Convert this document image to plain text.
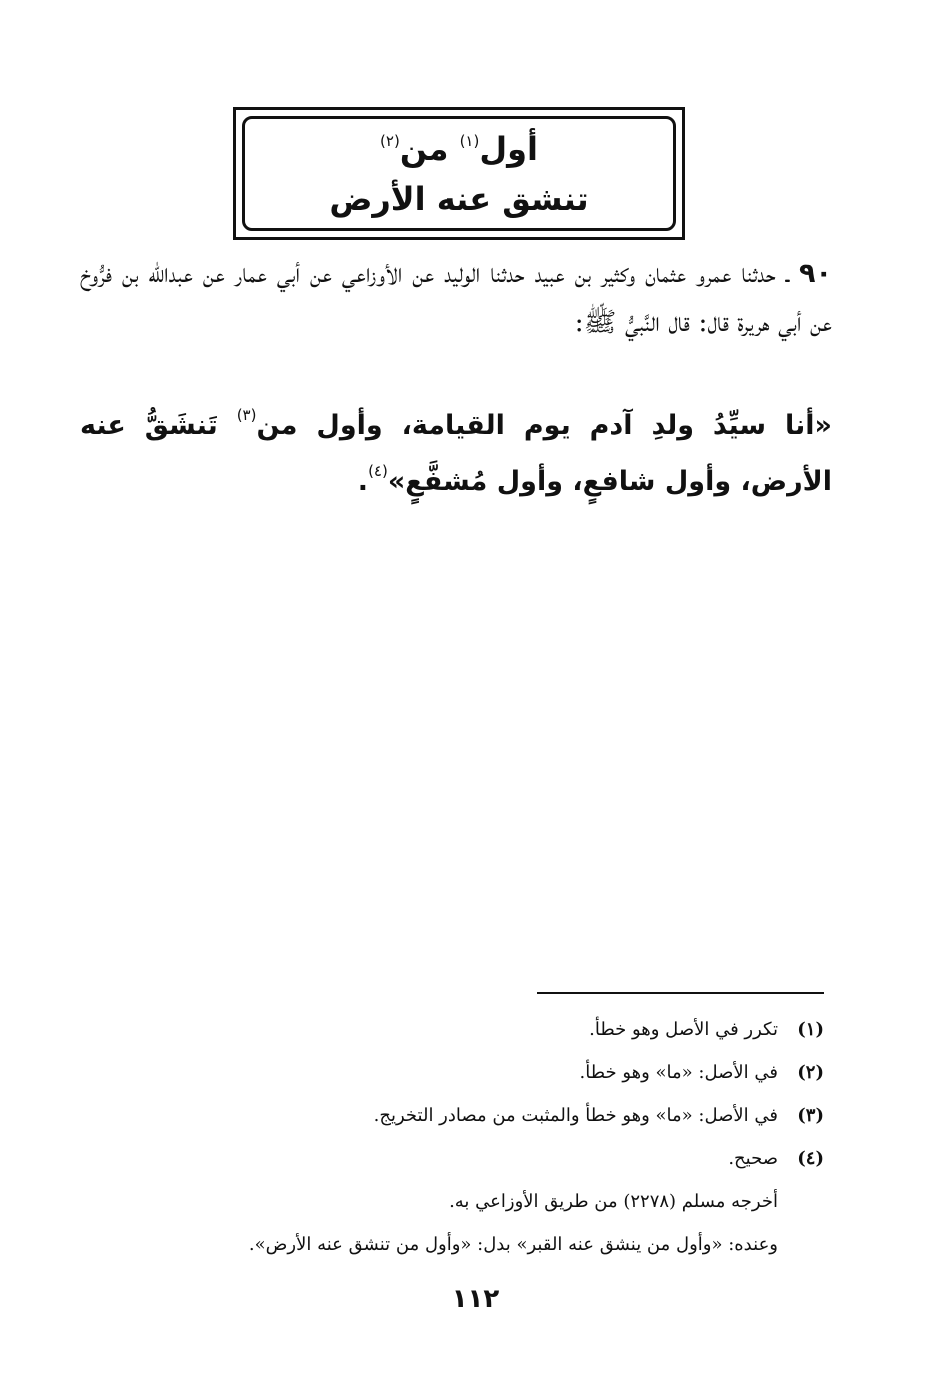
أول$^{(١)}$ من$^{(٢)}$
تنشق عنه الأرض
٩٠ ـ حدثنا عمرو عثمان وكثير بن عبيد حدثنا الوليد عن الأوزاعي عن أبي عمار عن عبدالله بن فرُّوخ عن أبي هريرة قال: قال النَّبيُّ ﷺ:
«أنا سيِّدُ ولدِ آدم يوم القيامة، وأول من$^{(٣)}$ تَنشَقُّ عنه الأرض، وأول شافعٍ، وأول مُشفَّعٍ»$^{(٤)}$.
(١)
تكرر في الأصل وهو خطأ.
(٢)
في الأصل: «ما» وهو خطأ.
(٣)
في الأصل: «ما» وهو خطأ والمثبت من مصادر التخريج.
(٤)
صحيح.
أخرجه مسلم (٢٢٧٨) من طريق الأوزاعي به.
وعنده: «وأول من ينشق عنه القبر» بدل: «وأول من تنشق عنه الأرض».
١١٢
